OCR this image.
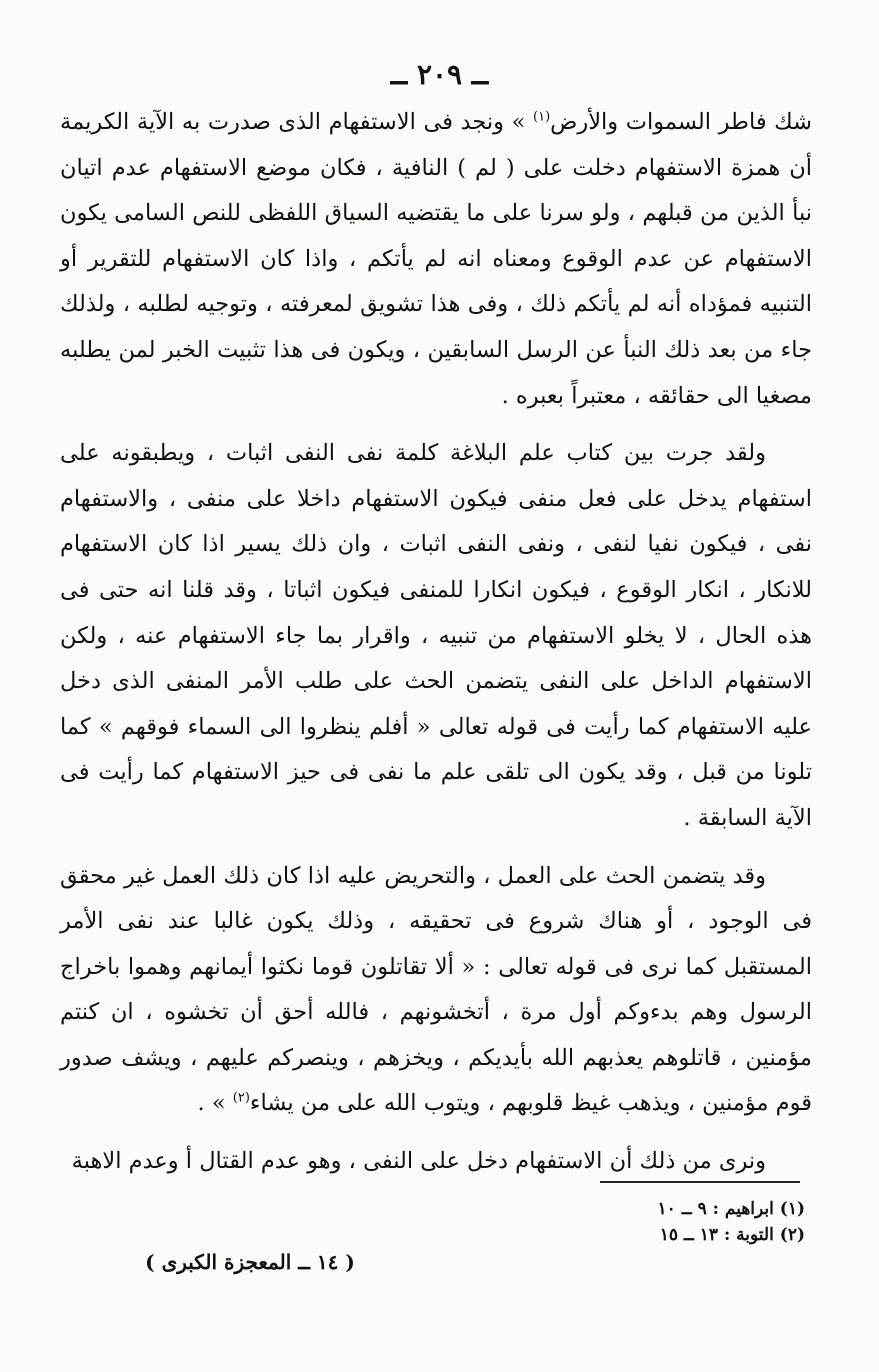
ــ ٢٠٩ ــ

شك فاطر السموات والأرض$^{(١)}$ » ونجد فى الاستفهام الذى صدرت به الآية الكريمة أن همزة الاستفهام دخلت على ( لم ) النافية ، فكان موضع الاستفهام عدم اتيان نبأ الذين من قبلهم ، ولو سرنا على ما يقتضيه السياق اللفظى للنص السامى يكون الاستفهام عن عدم الوقوع ومعناه انه لم يأتكم ، واذا كان الاستفهام للتقرير أو التنبيه فمؤداه أنه لم يأتكم ذلك ، وفى هذا تشويق لمعرفته ، وتوجيه لطلبه ، ولذلك جاء من بعد ذلك النبأ عن الرسل السابقين ، ويكون فى هذا تثبيت الخبر لمن يطلبه مصغيا الى حقائقه ، معتبراً بعبره .

ولقد جرت بين كتاب علم البلاغة كلمة نفى النفى اثبات ، ويطبقونه على استفهام يدخل على فعل منفى فيكون الاستفهام داخلا على منفى ، والاستفهام نفى ، فيكون نفيا لنفى ، ونفى النفى اثبات ، وان ذلك يسير اذا كان الاستفهام للانكار ، انكار الوقوع ، فيكون انكارا للمنفى فيكون اثباتا ، وقد قلنا انه حتى فى هذه الحال ، لا يخلو الاستفهام من تنبيه ، واقرار بما جاء الاستفهام عنه ، ولكن الاستفهام الداخل على النفى يتضمن الحث على طلب الأمر المنفى الذى دخل عليه الاستفهام كما رأيت فى قوله تعالى « أفلم ينظروا الى السماء فوقهم » كما تلونا من قبل ، وقد يكون الى تلقى علم ما نفى فى حيز الاستفهام كما رأيت فى الآية السابقة .

وقد يتضمن الحث على العمل ، والتحريض عليه اذا كان ذلك العمل غير محقق فى الوجود ، أو هناك شروع فى تحقيقه ، وذلك يكون غالبا عند نفى الأمر المستقبل كما نرى فى قوله تعالى : « ألا تقاتلون قوما نكثوا أيمانهم وهموا باخراج الرسول وهم بدءوكم أول مرة ، أتخشونهم ، فالله أحق أن تخشوه ، ان كنتم مؤمنين ، قاتلوهم يعذبهم الله بأيديكم ، ويخزهم ، وينصركم عليهم ، ويشف صدور قوم مؤمنين ، ويذهب غيظ قلوبهم ، ويتوب الله على من يشاء$^{(٢)}$ » .

ونرى من ذلك أن الاستفهام دخل على النفى ، وهو عدم القتال أ وعدم الاهبة

(١) ابراهيم : ٩ ــ ١٠
(٢) التوبة : ١٣ ــ ١٥
( ١٤ ــ المعجزة الكبرى )
